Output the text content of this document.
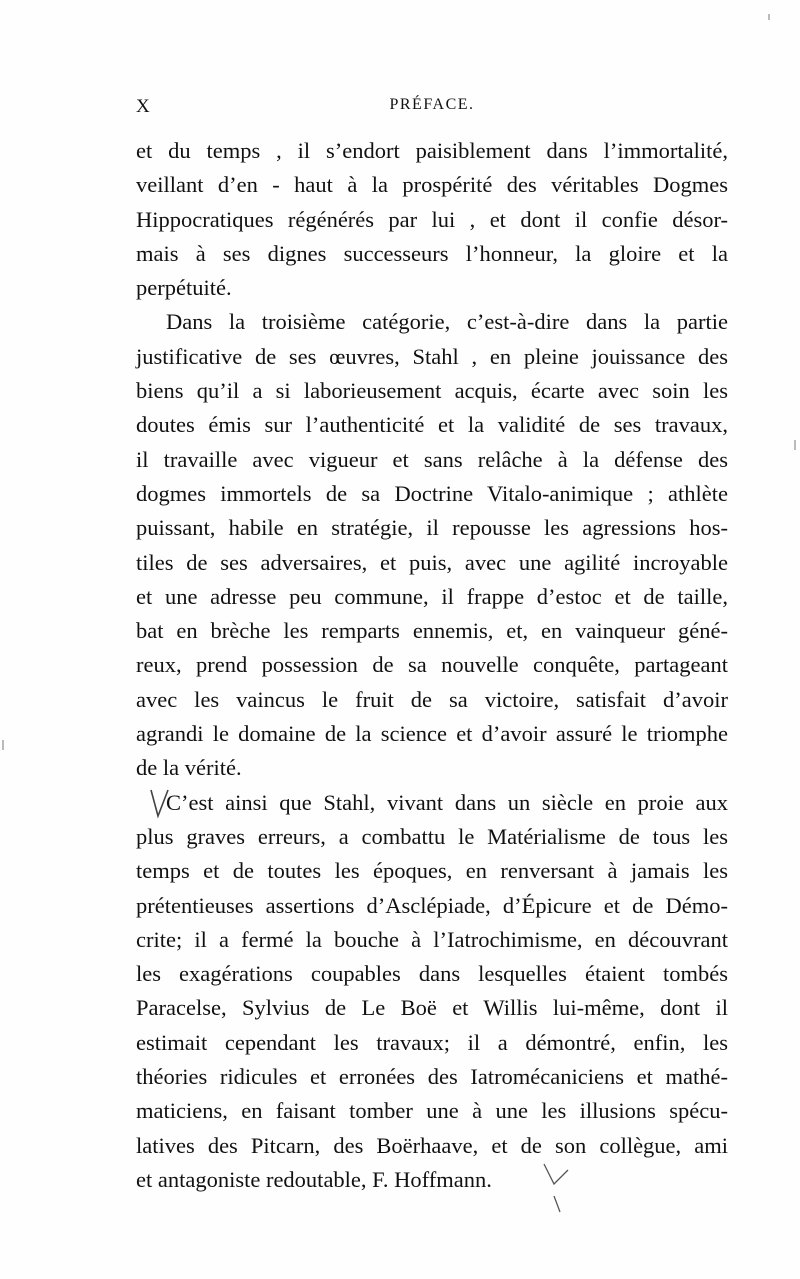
X	PRÉFACE.
et du temps , il s’endort paisiblement dans l’immortalité,
veillant d’en - haut à la prospérité des véritables Dogmes
Hippocratiques régénérés par lui , et dont il confie désor-
mais à ses dignes successeurs l’honneur, la gloire et la
perpétuité.
Dans la troisième catégorie, c’est-à-dire dans la partie
justificative de ses œuvres, Stahl , en pleine jouissance des
biens qu’il a si laborieusement acquis, écarte avec soin les
doutes émis sur l’authenticité et la validité de ses travaux,
il travaille avec vigueur et sans relâche à la défense des
dogmes immortels de sa Doctrine Vitalo-animique ; athlète
puissant, habile en stratégie, il repousse les agressions hos-
tiles de ses adversaires, et puis, avec une agilité incroyable
et une adresse peu commune, il frappe d’estoc et de taille,
bat en brèche les remparts ennemis, et, en vainqueur géné-
reux, prend possession de sa nouvelle conquête, partageant
avec les vaincus le fruit de sa victoire, satisfait d’avoir
agrandi le domaine de la science et d’avoir assuré le triomphe
de la vérité.
C’est ainsi que Stahl, vivant dans un siècle en proie aux
plus graves erreurs, a combattu le Matérialisme de tous les
temps et de toutes les époques, en renversant à jamais les
prétentieuses assertions d’Asclépiade, d’Épicure et de Démo-
crite; il a fermé la bouche à l’Iatrochimisme, en découvrant
les exagérations coupables dans lesquelles étaient tombés
Paracelse, Sylvius de Le Boë et Willis lui-même, dont il
estimait cependant les travaux; il a démontré, enfin, les
théories ridicules et erronées des Iatromécaniciens et mathé-
maticiens, en faisant tomber une à une les illusions spécu-
latives des Pitcarn, des Boërhaave, et de son collègue, ami
et antagoniste redoutable, F. Hoffmann.
